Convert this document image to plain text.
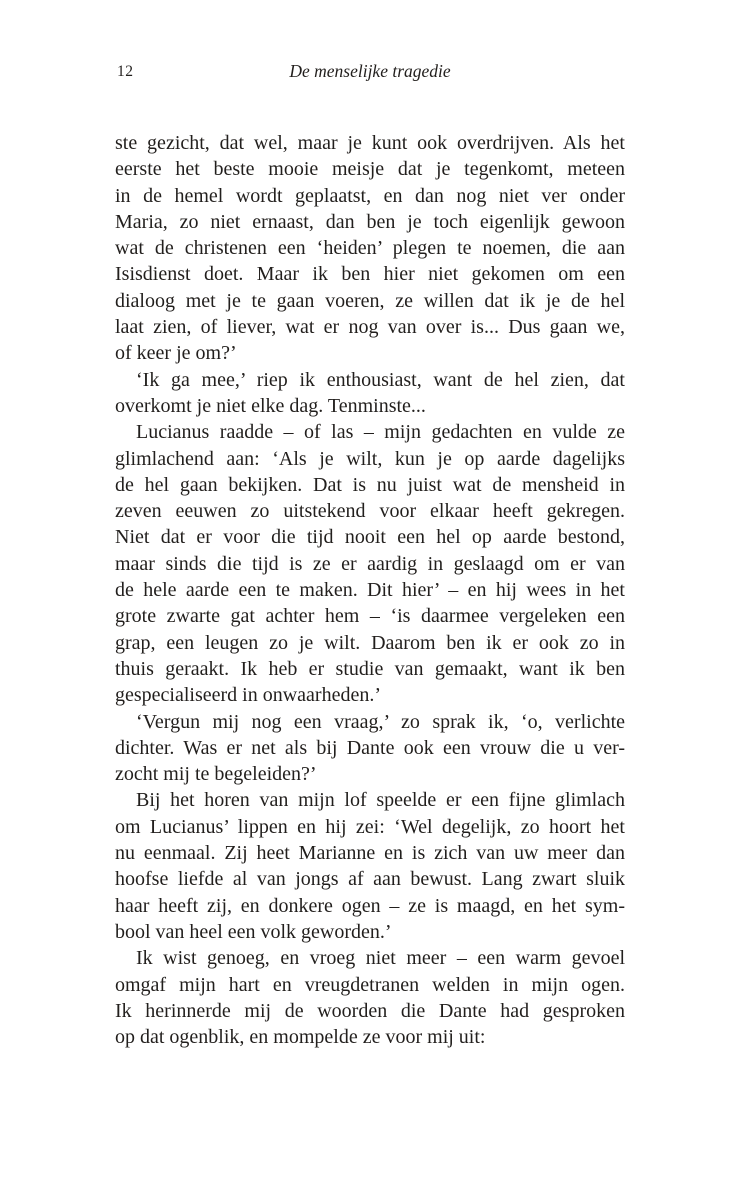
12	De menselijke tragedie
ste gezicht, dat wel, maar je kunt ook overdrijven. Als het
eerste het beste mooie meisje dat je tegenkomt, meteen
in de hemel wordt geplaatst, en dan nog niet ver onder
Maria, zo niet ernaast, dan ben je toch eigenlijk gewoon
wat de christenen een ‘heiden’ plegen te noemen, die aan
Isisdienst doet. Maar ik ben hier niet gekomen om een
dialoog met je te gaan voeren, ze willen dat ik je de hel
laat zien, of liever, wat er nog van over is... Dus gaan we,
of keer je om?’
‘Ik ga mee,’ riep ik enthousiast, want de hel zien, dat
overkomt je niet elke dag. Tenminste...
Lucianus raadde – of las – mijn gedachten en vulde ze
glimlachend aan: ‘Als je wilt, kun je op aarde dagelijks
de hel gaan bekijken. Dat is nu juist wat de mensheid in
zeven eeuwen zo uitstekend voor elkaar heeft gekregen.
Niet dat er voor die tijd nooit een hel op aarde bestond,
maar sinds die tijd is ze er aardig in geslaagd om er van
de hele aarde een te maken. Dit hier’ – en hij wees in het
grote zwarte gat achter hem – ‘is daarmee vergeleken een
grap, een leugen zo je wilt. Daarom ben ik er ook zo in
thuis geraakt. Ik heb er studie van gemaakt, want ik ben
gespecialiseerd in onwaarheden.’
‘Vergun mij nog een vraag,’ zo sprak ik, ‘o, verlichte
dichter. Was er net als bij Dante ook een vrouw die u ver-
zocht mij te begeleiden?’
Bij het horen van mijn lof speelde er een fijne glimlach
om Lucianus’ lippen en hij zei: ‘Wel degelijk, zo hoort het
nu eenmaal. Zij heet Marianne en is zich van uw meer dan
hoofse liefde al van jongs af aan bewust. Lang zwart sluik
haar heeft zij, en donkere ogen – ze is maagd, en het sym-
bool van heel een volk geworden.’
Ik wist genoeg, en vroeg niet meer – een warm gevoel
omgaf mijn hart en vreugdetranen welden in mijn ogen.
Ik herinnerde mij de woorden die Dante had gesproken
op dat ogenblik, en mompelde ze voor mij uit:
